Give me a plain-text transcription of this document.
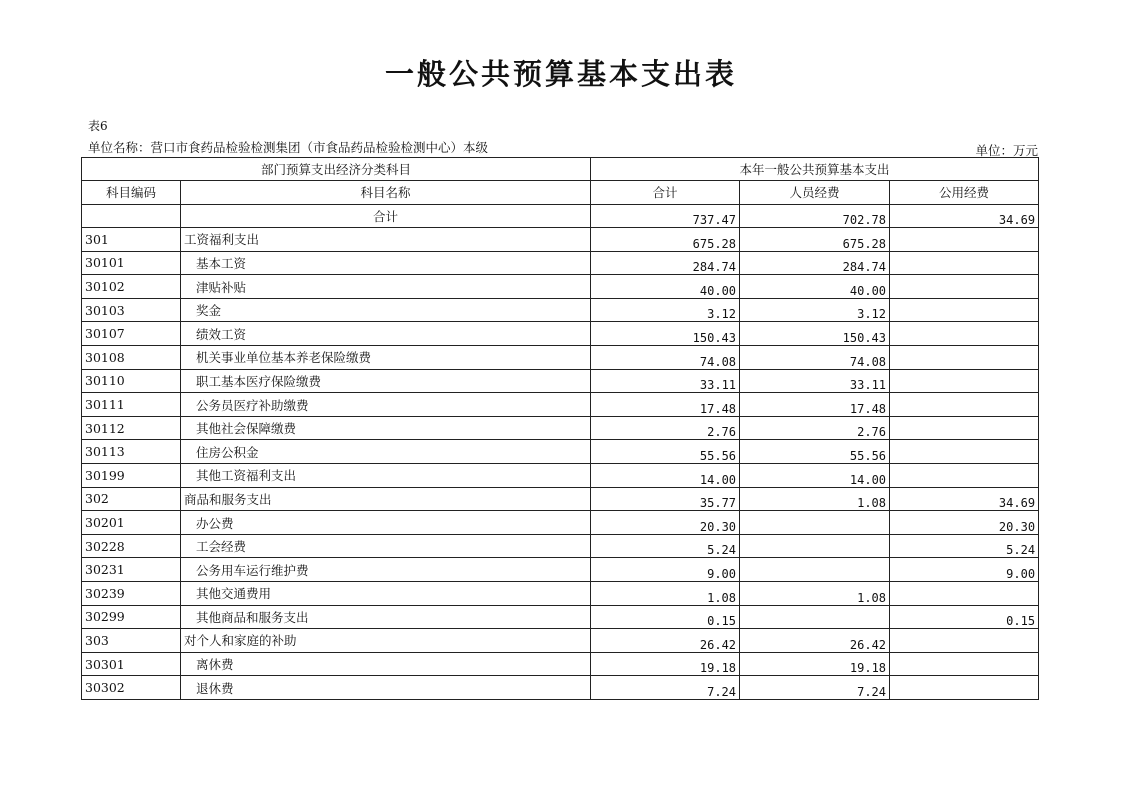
一般公共预算基本支出表
表6
单位名称：营口市食药品检验检测集团（市食品药品检验检测中心）本级	单位：万元
部门预算支出经济分类科目		本年一般公共预算基本支出		
科目编码	科目名称	合计	人员经费	公用经费
	合计	737.47	702.78	34.69
301	工资福利支出	675.28	675.28	
30101	基本工资	284.74	284.74	
30102	津贴补贴	40.00	40.00	
30103	奖金	3.12	3.12	
30107	绩效工资	150.43	150.43	
30108	机关事业单位基本养老保险缴费	74.08	74.08	
30110	职工基本医疗保险缴费	33.11	33.11	
30111	公务员医疗补助缴费	17.48	17.48	
30112	其他社会保障缴费	2.76	2.76	
30113	住房公积金	55.56	55.56	
30199	其他工资福利支出	14.00	14.00	
302	商品和服务支出	35.77	1.08	34.69
30201	办公费	20.30		20.30
30228	工会经费	5.24		5.24
30231	公务用车运行维护费	9.00		9.00
30239	其他交通费用	1.08	1.08	
30299	其他商品和服务支出	0.15		0.15
303	对个人和家庭的补助	26.42	26.42	
30301	离休费	19.18	19.18	
30302	退休费	7.24	7.24	
